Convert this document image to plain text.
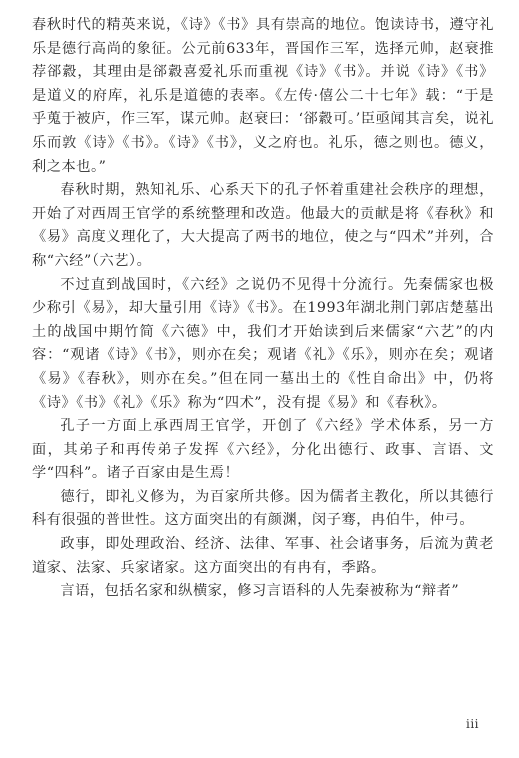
春秋时代的精英来说，《诗》《书》具有崇高的地位。饱读诗书，遵守礼乐是德行高尚的象征。公元前633年，晋国作三军，选择元帅，赵衰推荐郤縠，其理由是郤縠喜爱礼乐而重视《诗》《书》。并说《诗》《书》是道义的府库，礼乐是道德的表率。《左传·僖公二十七年》载：“于是乎蒐于被庐，作三军，谋元帅。赵衰曰：‘郤縠可。’臣亟闻其言矣，说礼乐而敦《诗》《书》。《诗》《书》，义之府也。礼乐，德之则也。德义，利之本也。”

春秋时期，熟知礼乐、心系天下的孔子怀着重建社会秩序的理想，开始了对西周王官学的系统整理和改造。他最大的贡献是将《春秋》和《易》高度义理化了，大大提高了两书的地位，使之与“四术”并列，合称“六经”（六艺）。

不过直到战国时，《六经》之说仍不见得十分流行。先秦儒家也极少称引《易》，却大量引用《诗》《书》。在1993年湖北荆门郭店楚墓出土的战国中期竹简《六德》中，我们才开始读到后来儒家“六艺”的内容：“观诸《诗》《书》，则亦在矣；观诸《礼》《乐》，则亦在矣；观诸《易》《春秋》，则亦在矣。”但在同一墓出土的《性自命出》中，仍将《诗》《书》《礼》《乐》称为“四术”，没有提《易》和《春秋》。

孔子一方面上承西周王官学，开创了《六经》学术体系，另一方面，其弟子和再传弟子发挥《六经》，分化出德行、政事、言语、文学“四科”。诸子百家由是生焉！

德行，即礼义修为，为百家所共修。因为儒者主教化，所以其德行科有很强的普世性。这方面突出的有颜渊，闵子骞，冉伯牛，仲弓。

政事，即处理政治、经济、法律、军事、社会诸事务，后流为黄老道家、法家、兵家诸家。这方面突出的有冉有，季路。

言语，包括名家和纵横家，修习言语科的人先秦被称为“辩者”

iii
